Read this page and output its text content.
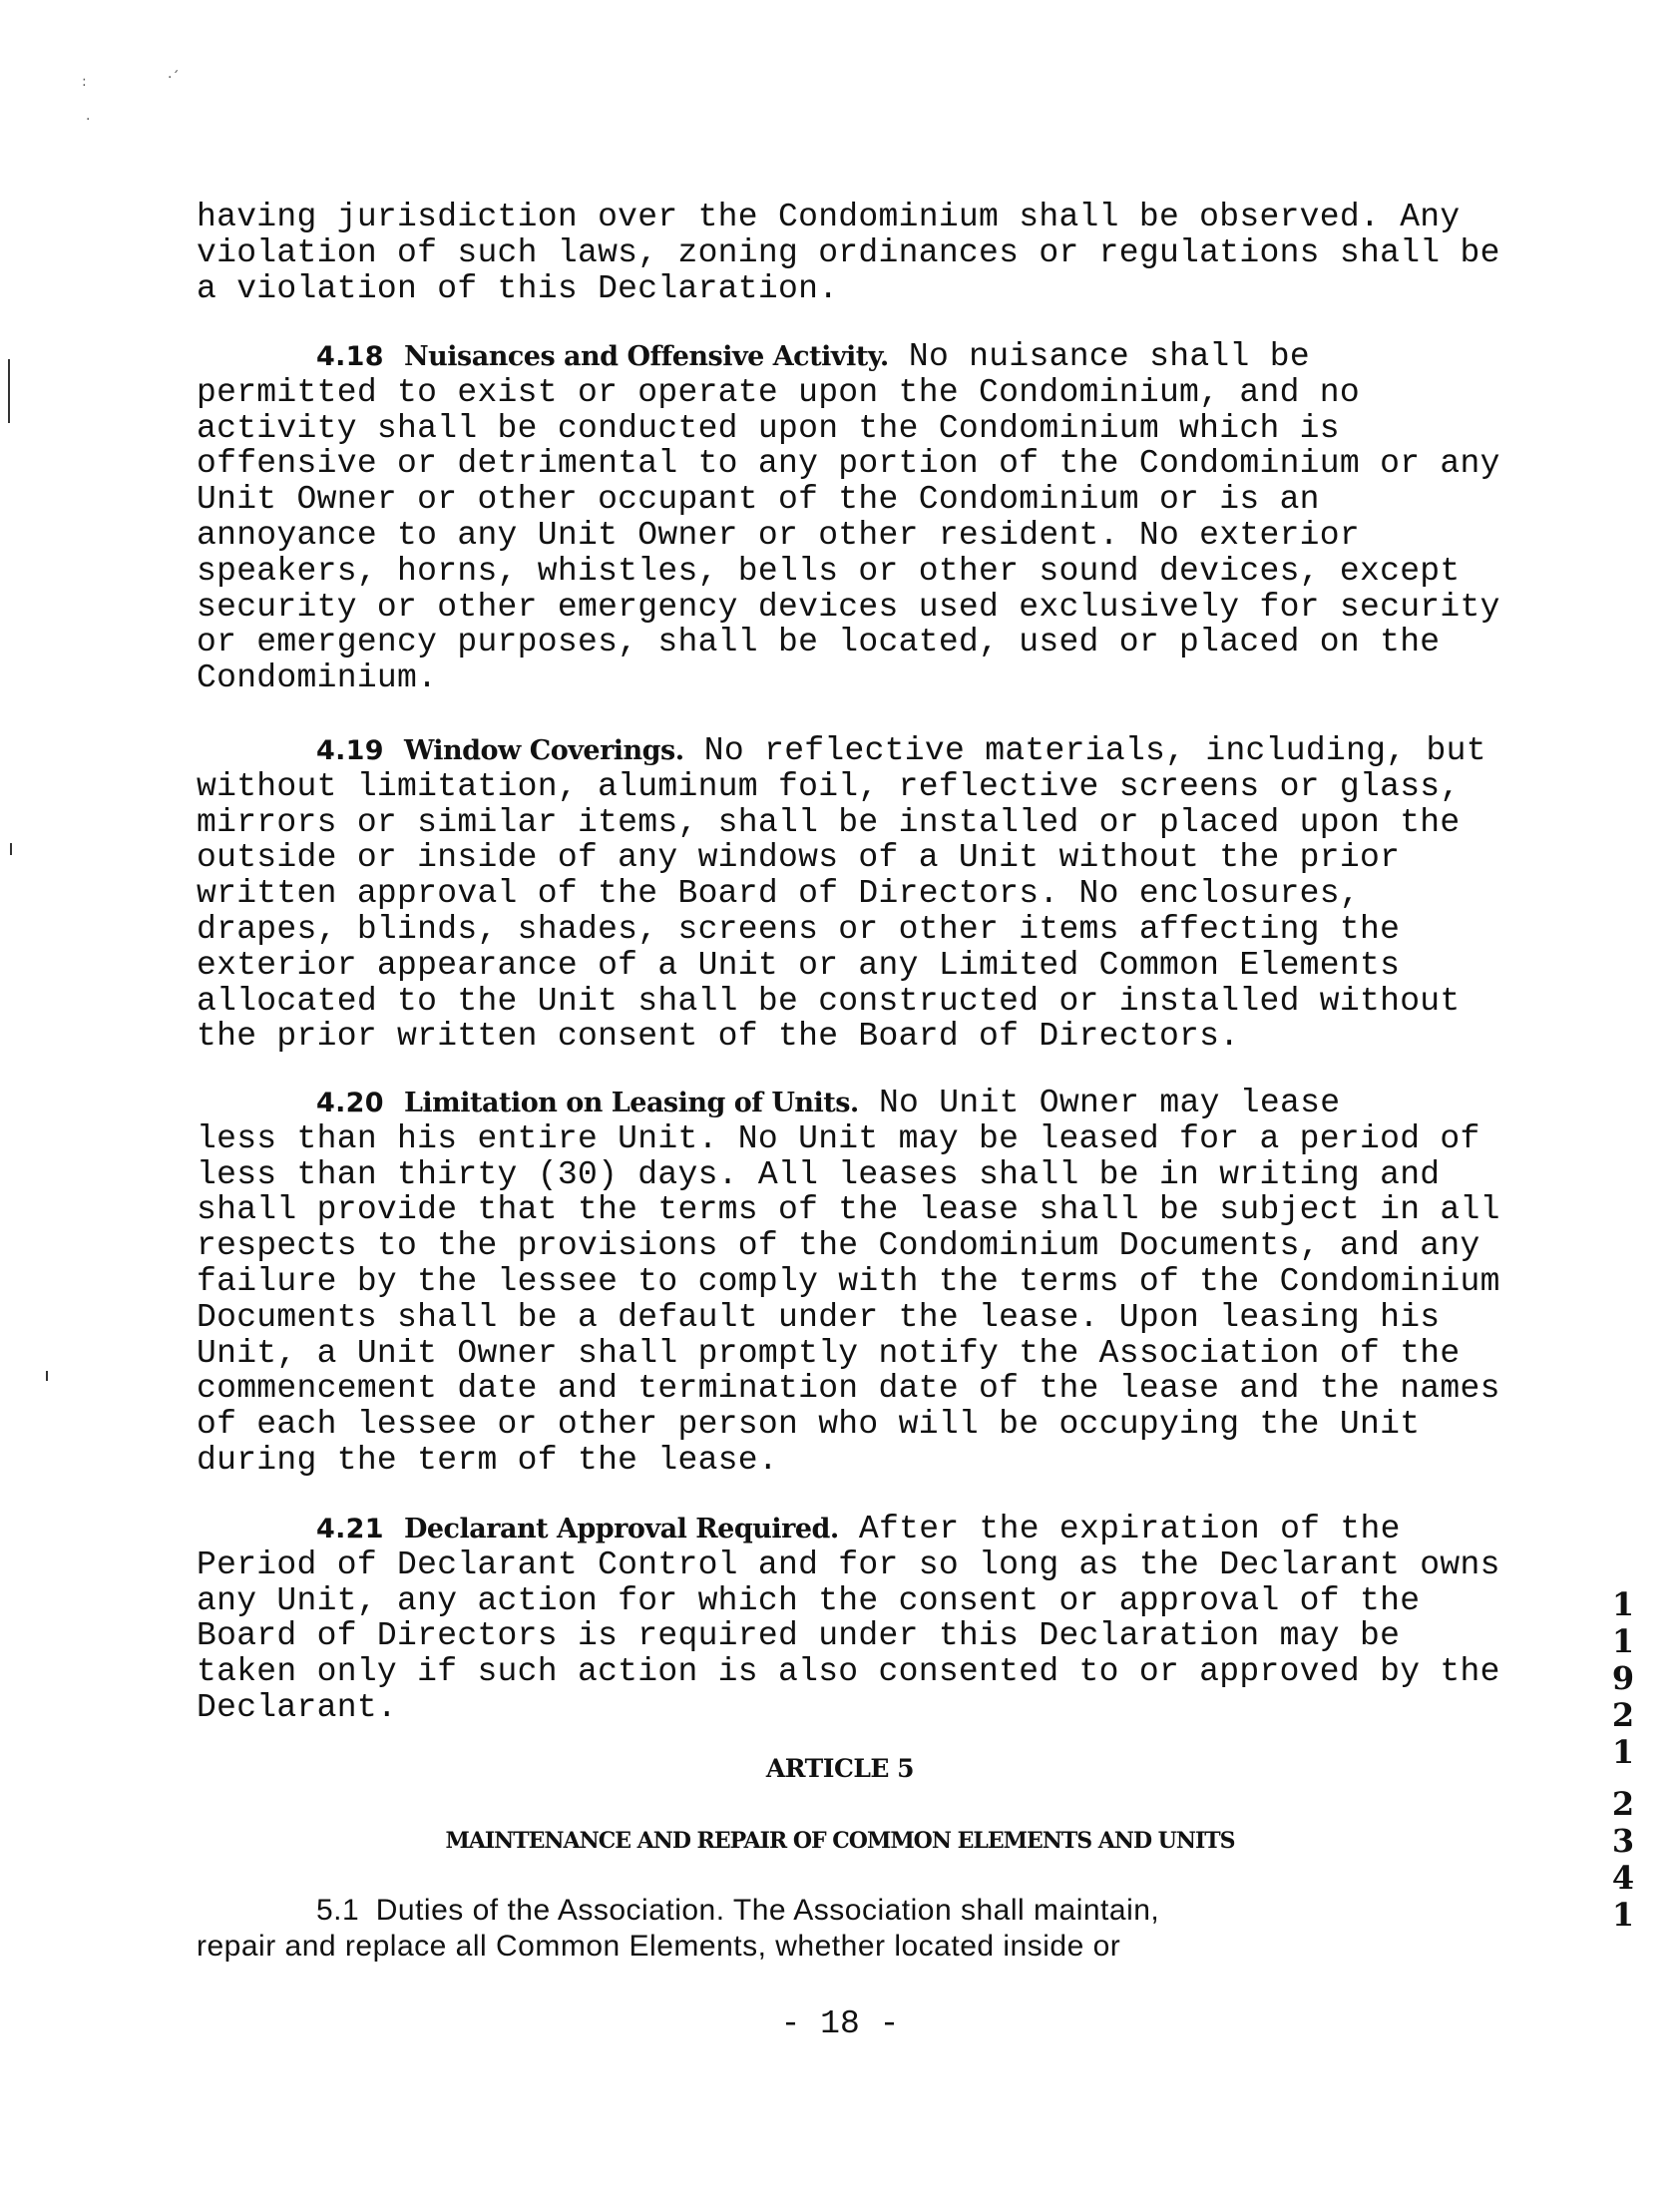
:	·´
·

having jurisdiction over the Condominium shall be observed. Any

violation of such laws, zoning ordinances or regulations shall be

a violation of this Declaration.

4.18 Nuisances and Offensive Activity. No nuisance shall be

permitted to exist or operate upon the Condominium, and no

activity shall be conducted upon the Condominium which is

offensive or detrimental to any portion of the Condominium or any

Unit Owner or other occupant of the Condominium or is an

annoyance to any Unit Owner or other resident. No exterior

speakers, horns, whistles, bells or other sound devices, except

security or other emergency devices used exclusively for security

or emergency purposes, shall be located, used or placed on the

Condominium.

4.19 Window Coverings. No reflective materials, including, but

without limitation, aluminum foil, reflective screens or glass,

mirrors or similar items, shall be installed or placed upon the

outside or inside of any windows of a Unit without the prior

written approval of the Board of Directors. No enclosures,

drapes, blinds, shades, screens or other items affecting the

exterior appearance of a Unit or any Limited Common Elements

allocated to the Unit shall be constructed or installed without

the prior written consent of the Board of Directors.

4.20 Limitation on Leasing of Units. No Unit Owner may lease

less than his entire Unit. No Unit may be leased for a period of

less than thirty (30) days. All leases shall be in writing and

shall provide that the terms of the lease shall be subject in all

respects to the provisions of the Condominium Documents, and any

failure by the lessee to comply with the terms of the Condominium

Documents shall be a default under the lease. Upon leasing his

Unit, a Unit Owner shall promptly notify the Association of the

commencement date and termination date of the lease and the names

of each lessee or other person who will be occupying the Unit

during the term of the lease.

4.21 Declarant Approval Required. After the expiration of the

Period of Declarant Control and for so long as the Declarant owns

any Unit, any action for which the consent or approval of the

Board of Directors is required under this Declaration may be

taken only if such action is also consented to or approved by the

Declarant.

ARTICLE 5
MAINTENANCE AND REPAIR OF COMMON ELEMENTS AND UNITS

5.1 Duties of the Association. The Association shall maintain,

repair and replace all Common Elements, whether located inside or

- 18 -
1
1
9
2
1
2
3
4
1
